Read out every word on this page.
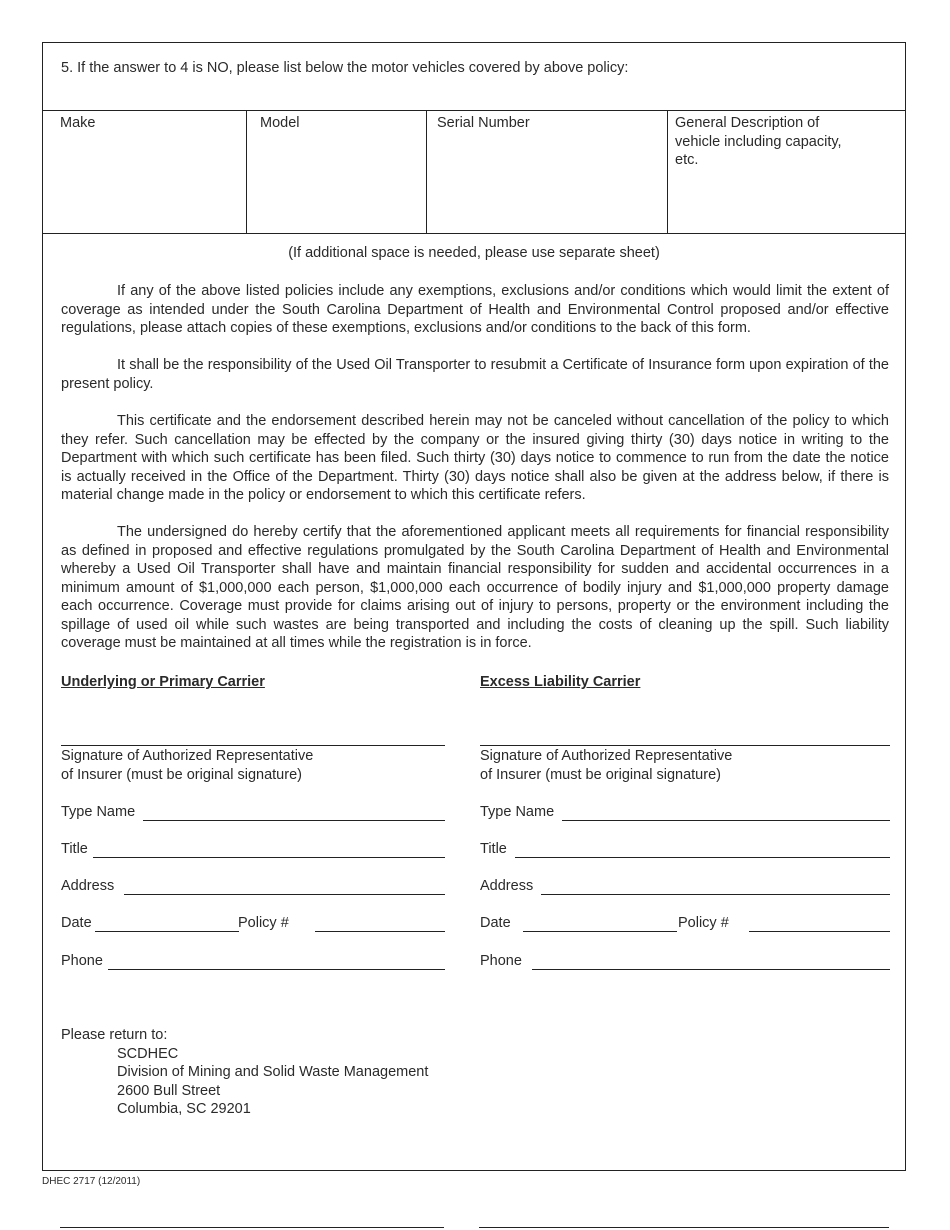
5. If the answer to 4 is NO, please list below the motor vehicles covered by above policy:
Make	Model	Serial Number	General Description of vehicle including capacity, etc.
(If additional space is needed, please use separate sheet)

If any of the above listed policies include any exemptions, exclusions and/or conditions which would limit the extent of coverage as intended under the South Carolina Department of Health and Environmental Control proposed and/or effective regulations, please attach copies of these exemptions, exclusions and/or conditions to the back of this form.

It shall be the responsibility of the Used Oil Transporter to resubmit a Certificate of Insurance form upon expiration of the present policy.

This certificate and the endorsement described herein may not be canceled without cancellation of the policy to which they refer. Such cancellation may be effected by the company or the insured giving thirty (30) days notice in writing to the Department with which such certificate has been filed. Such thirty (30) days notice to commence to run from the date the notice is actually received in the Office of the Department. Thirty (30) days notice shall also be given at the address below, if there is material change made in the policy or endorsement to which this certificate refers.

The undersigned do hereby certify that the aforementioned applicant meets all requirements for financial responsibility as defined in proposed and effective regulations promulgated by the South Carolina Department of Health and Environmental whereby a Used Oil Transporter shall have and maintain financial responsibility for sudden and accidental occurrences in a minimum amount of $1,000,000 each person, $1,000,000 each occurrence of bodily injury and $1,000,000 property damage each occurrence. Coverage must provide for claims arising out of injury to persons, property or the environment including the spillage of used oil while such wastes are being transported and including the costs of cleaning up the spill. Such liability coverage must be maintained at all times while the registration is in force.

Underlying or Primary Carrier
Signature of Authorized Representative
of Insurer (must be original signature)
Type Name
Title
Address
Date	Policy #
Phone
Excess Liability Carrier
Signature of Authorized Representative
of Insurer (must be original signature)
Type Name
Title
Address
Date	Policy #
Phone
Please return to:
SCDHEC
Division of Mining and Solid Waste Management
2600 Bull Street
Columbia, SC 29201
DHEC 2717 (12/2011)
